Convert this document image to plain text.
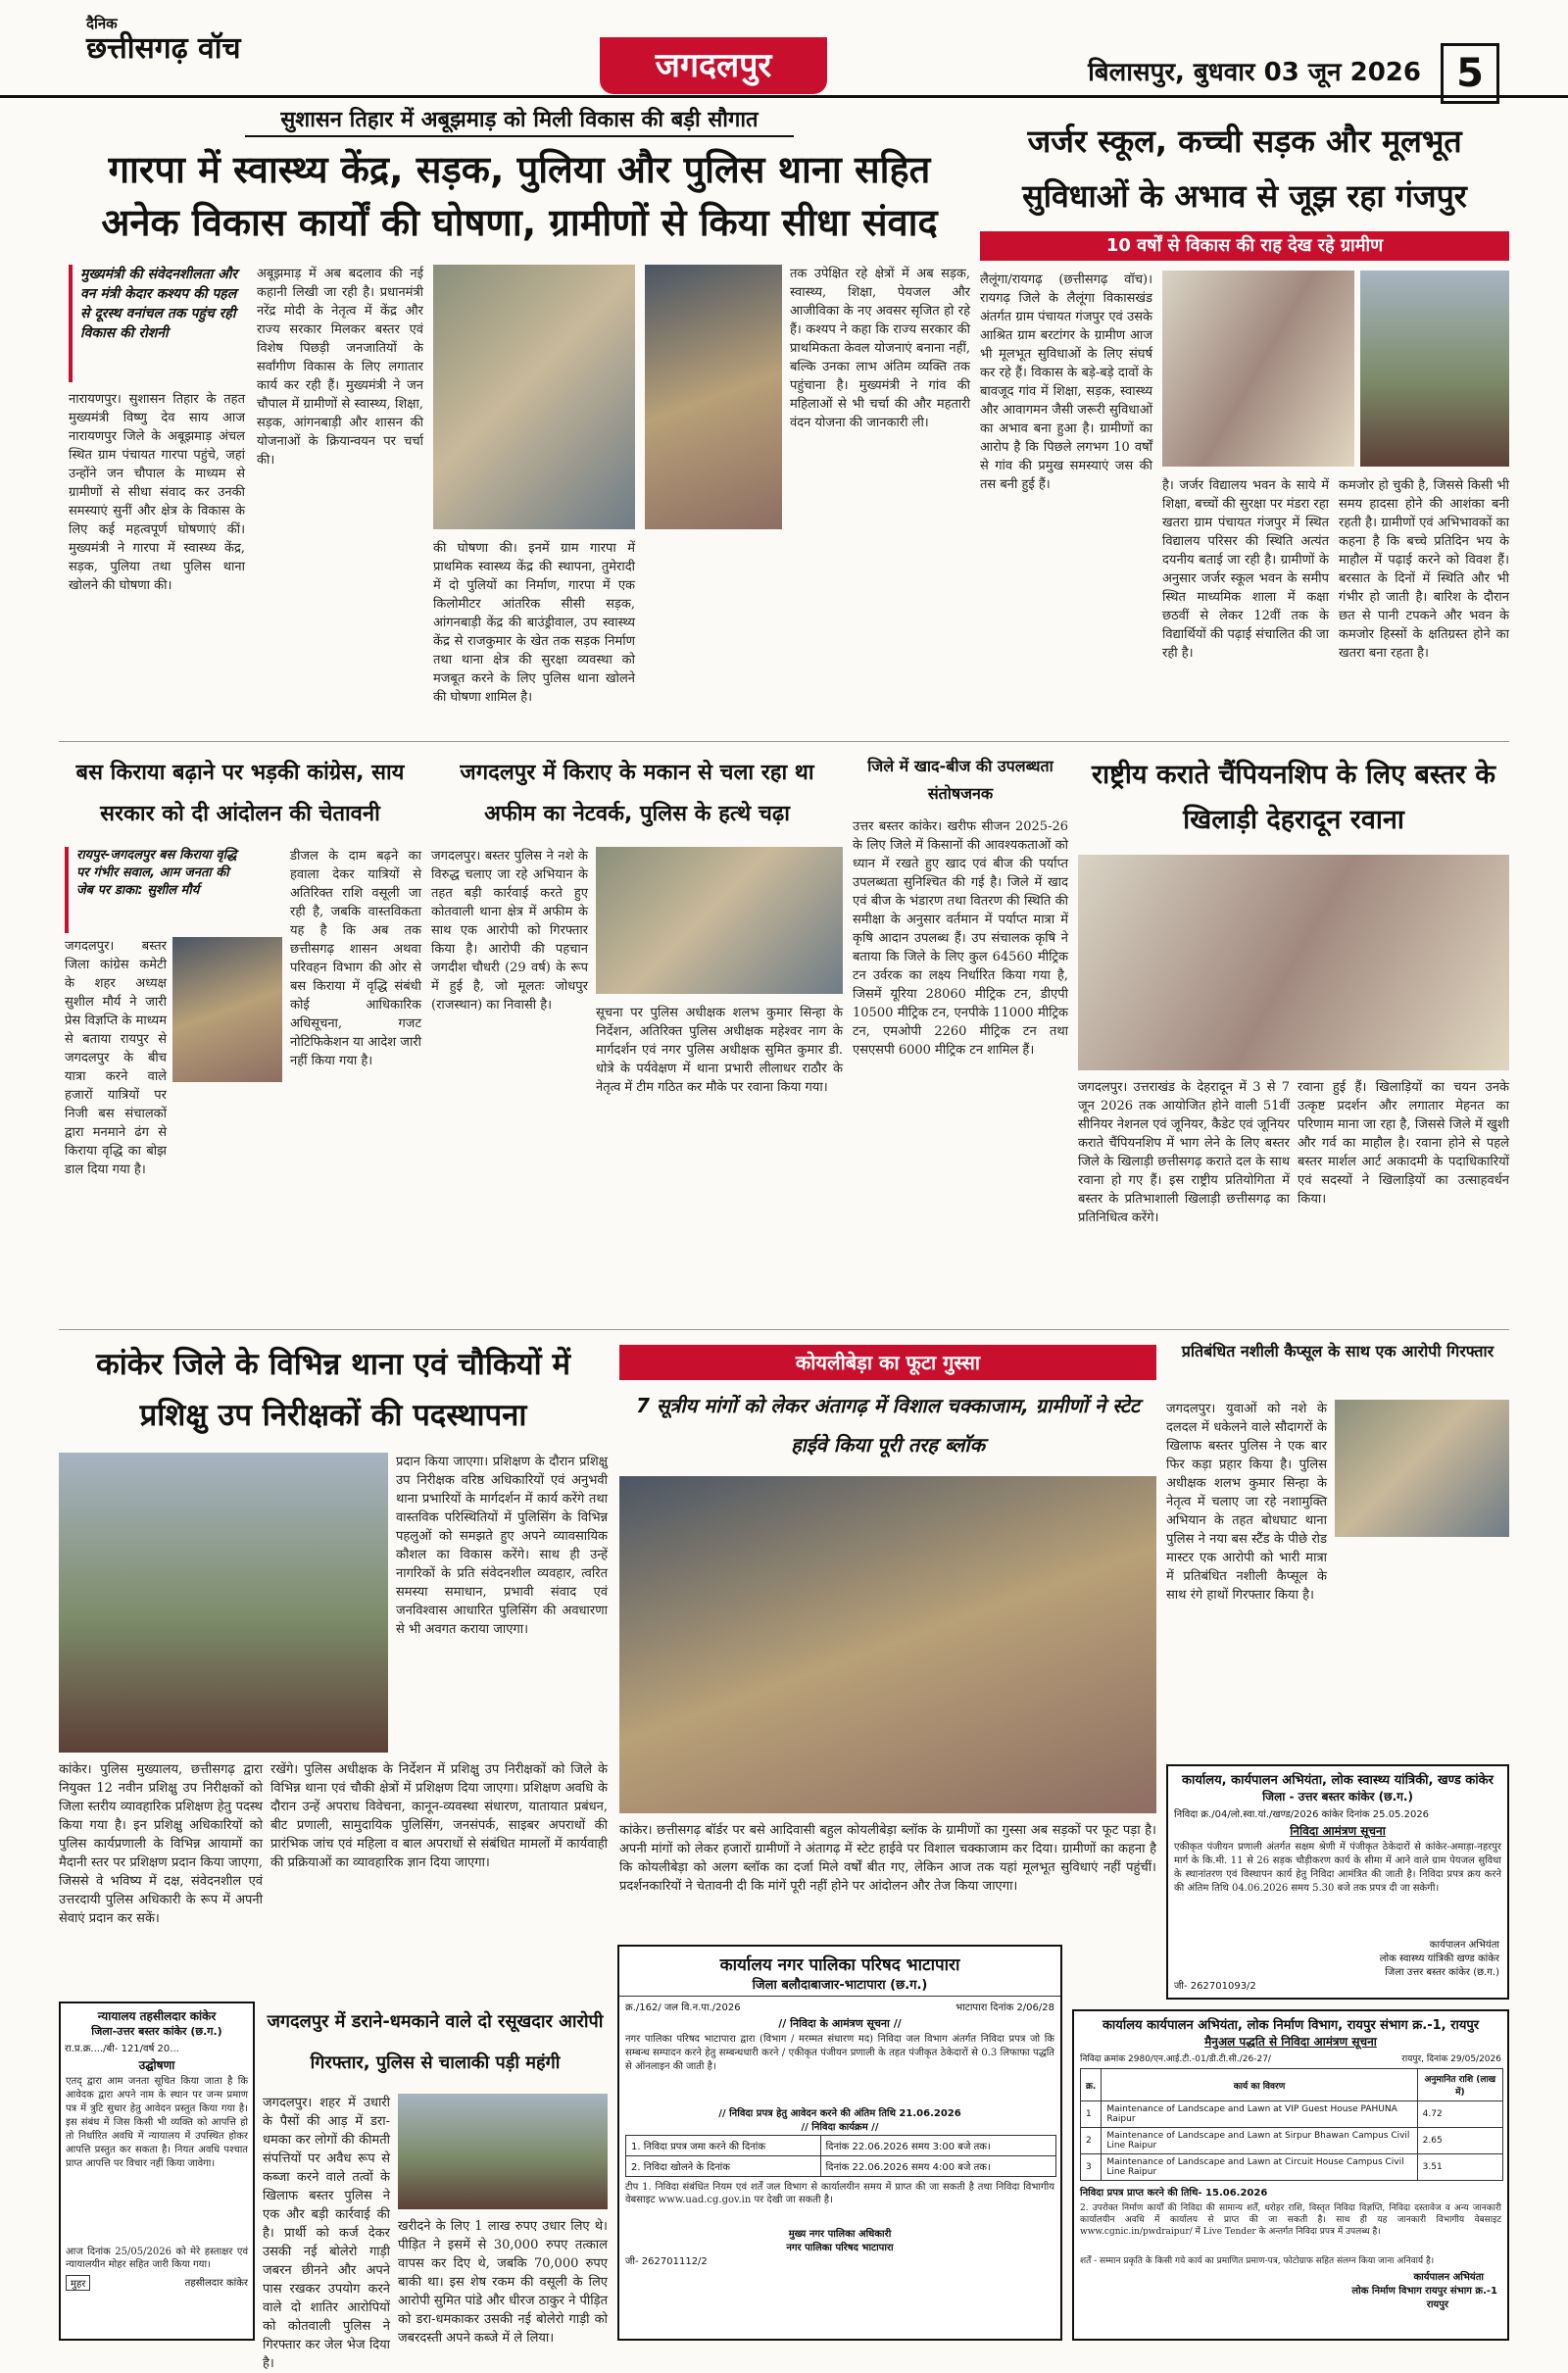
दैनिक
छत्तीसगढ़ वॉच	जगदलपुर	बिलासपुर, बुधवार 03 जून 2026 5
सुशासन तिहार में अबूझमाड़ को मिली विकास की बड़ी सौगात
गारपा में स्वास्थ्य केंद्र, सड़क, पुलिया और पुलिस थाना सहित
अनेक विकास कार्यों की घोषणा, ग्रामीणों से किया सीधा संवाद
मुख्यमंत्री की संवेदनशीलता और वन मंत्री केदार कश्यप की पहल से दूरस्थ वनांचल तक पहुंच रही विकास की रोशनी
नारायणपुर। सुशासन तिहार के तहत मुख्यमंत्री विष्णु देव साय आज नारायणपुर जिले के अबूझमाड़ अंचल स्थित ग्राम पंचायत गारपा पहुंचे, जहां उन्होंने जन चौपाल के माध्यम से ग्रामीणों से सीधा संवाद कर उनकी समस्याएं सुनीं और क्षेत्र के विकास के लिए कई महत्वपूर्ण घोषणाएं कीं। मुख्यमंत्री ने गारपा में स्वास्थ्य केंद्र, सड़क, पुलिया तथा पुलिस थाना खोलने की घोषणा की।
अबूझमाड़ में अब बदलाव की नई कहानी लिखी जा रही है। प्रधानमंत्री नरेंद्र मोदी के नेतृत्व में केंद्र और राज्य सरकार मिलकर बस्तर एवं विशेष पिछड़ी जनजातियों के सर्वांगीण विकास के लिए लगातार कार्य कर रही हैं। मुख्यमंत्री ने जन चौपाल में ग्रामीणों से स्वास्थ्य, शिक्षा, सड़क, आंगनबाड़ी और शासन की योजनाओं के क्रियान्वयन पर चर्चा की।
की घोषणा की। इनमें ग्राम गारपा में प्राथमिक स्वास्थ्य केंद्र की स्थापना, तुमेरादी में दो पुलियों का निर्माण, गारपा में एक किलोमीटर आंतरिक सीसी सड़क, आंगनबाड़ी केंद्र की बाउंड्रीवाल, उप स्वास्थ्य केंद्र से राजकुमार के खेत तक सड़क निर्माण तथा थाना क्षेत्र की सुरक्षा व्यवस्था को मजबूत करने के लिए पुलिस थाना खोलने की घोषणा शामिल है।
तक उपेक्षित रहे क्षेत्रों में अब सड़क, स्वास्थ्य, शिक्षा, पेयजल और आजीविका के नए अवसर सृजित हो रहे हैं। कश्यप ने कहा कि राज्य सरकार की प्राथमिकता केवल योजनाएं बनाना नहीं, बल्कि उनका लाभ अंतिम व्यक्ति तक पहुंचाना है। मुख्यमंत्री ने गांव की महिलाओं से भी चर्चा की और महतारी वंदन योजना की जानकारी ली।
जर्जर स्कूल, कच्ची सड़क और मूलभूत सुविधाओं के अभाव से जूझ रहा गंजपुर
10 वर्षों से विकास की राह देख रहे ग्रामीण
लैलूंगा/रायगढ़ (छत्तीसगढ़ वॉच)। रायगढ़ जिले के लैलूंगा विकासखंड अंतर्गत ग्राम पंचायत गंजपुर एवं उसके आश्रित ग्राम बरटांगर के ग्रामीण आज भी मूलभूत सुविधाओं के लिए संघर्ष कर रहे हैं। विकास के बड़े-बड़े दावों के बावजूद गांव में शिक्षा, सड़क, स्वास्थ्य और आवागमन जैसी जरूरी सुविधाओं का अभाव बना हुआ है। ग्रामीणों का आरोप है कि पिछले लगभग 10 वर्षों से गांव की प्रमुख समस्याएं जस की तस बनी हुई हैं।	है। जर्जर विद्यालय भवन के साये में शिक्षा, बच्चों की सुरक्षा पर मंडरा रहा खतरा ग्राम पंचायत गंजपुर में स्थित विद्यालय परिसर की स्थिति अत्यंत दयनीय बताई जा रही है। ग्रामीणों के अनुसार जर्जर स्कूल भवन के समीप स्थित माध्यमिक शाला में कक्षा छठवीं से लेकर 12वीं तक के विद्यार्थियों की पढ़ाई संचालित की जा रही है।
कमजोर हो चुकी है, जिससे किसी भी समय हादसा होने की आशंका बनी रहती है। ग्रामीणों एवं अभिभावकों का कहना है कि बच्चे प्रतिदिन भय के माहौल में पढ़ाई करने को विवश हैं। बरसात के दिनों में स्थिति और भी गंभीर हो जाती है। बारिश के दौरान छत से पानी टपकने और भवन के कमजोर हिस्सों के क्षतिग्रस्त होने का खतरा बना रहता है।
बस किराया बढ़ाने पर भड़की कांग्रेस, साय सरकार को दी आंदोलन की चेतावनी
रायपुर-जगदलपुर बस किराया वृद्धि पर गंभीर सवाल, आम जनता की जेब पर डाका: सुशील मौर्य
जगदलपुर। बस्तर जिला कांग्रेस कमेटी के शहर अध्यक्ष सुशील मौर्य ने जारी प्रेस विज्ञप्ति के माध्यम से बताया रायपुर से जगदलपुर के बीच यात्रा करने वाले हजारों यात्रियों पर निजी बस संचालकों द्वारा मनमाने ढंग से किराया वृद्धि का बोझ डाल दिया गया है।
डीजल के दाम बढ़ने का हवाला देकर यात्रियों से अतिरिक्त राशि वसूली जा रही है, जबकि वास्तविकता यह है कि अब तक छत्तीसगढ़ शासन अथवा परिवहन विभाग की ओर से बस किराया में वृद्धि संबंधी कोई आधिकारिक अधिसूचना, गजट नोटिफिकेशन या आदेश जारी नहीं किया गया है।
जगदलपुर में किराए के मकान से चला रहा था अफीम का नेटवर्क, पुलिस के हत्थे चढ़ा
जगदलपुर। बस्तर पुलिस ने नशे के विरुद्ध चलाए जा रहे अभियान के तहत बड़ी कार्रवाई करते हुए कोतवाली थाना क्षेत्र में अफीम के साथ एक आरोपी को गिरफ्तार किया है। आरोपी की पहचान जगदीश चौधरी (29 वर्ष) के रूप में हुई है, जो मूलतः जोधपुर (राजस्थान) का निवासी है।
सूचना पर पुलिस अधीक्षक शलभ कुमार सिन्हा के निर्देशन, अतिरिक्त पुलिस अधीक्षक महेश्वर नाग के मार्गदर्शन एवं नगर पुलिस अधीक्षक सुमित कुमार डी. धोत्रे के पर्यवेक्षण में थाना प्रभारी लीलाधर राठौर के नेतृत्व में टीम गठित कर मौके पर रवाना किया गया।
जिले में खाद-बीज की उपलब्धता संतोषजनक
उत्तर बस्तर कांकेर। खरीफ सीजन 2025-26 के लिए जिले में किसानों की आवश्यकताओं को ध्यान में रखते हुए खाद एवं बीज की पर्याप्त उपलब्धता सुनिश्चित की गई है। जिले में खाद एवं बीज के भंडारण तथा वितरण की स्थिति की समीक्षा के अनुसार वर्तमान में पर्याप्त मात्रा में कृषि आदान उपलब्ध हैं। उप संचालक कृषि ने बताया कि जिले के लिए कुल 64560 मीट्रिक टन उर्वरक का लक्ष्य निर्धारित किया गया है, जिसमें यूरिया 28060 मीट्रिक टन, डीएपी 10500 मीट्रिक टन, एनपीके 11000 मीट्रिक टन, एमओपी 2260 मीट्रिक टन तथा एसएसपी 6000 मीट्रिक टन शामिल हैं।
राष्ट्रीय कराते चैंपियनशिप के लिए बस्तर के खिलाड़ी देहरादून रवाना
जगदलपुर। उत्तराखंड के देहरादून में 3 से 7 जून 2026 तक आयोजित होने वाली 51वीं सीनियर नेशनल एवं जूनियर, कैडेट एवं जूनियर कराते चैंपियनशिप में भाग लेने के लिए बस्तर जिले के खिलाड़ी छत्तीसगढ़ कराते दल के साथ रवाना हो गए हैं। इस राष्ट्रीय प्रतियोगिता में बस्तर के प्रतिभाशाली खिलाड़ी छत्तीसगढ़ का प्रतिनिधित्व करेंगे।
रवाना हुई हैं। खिलाड़ियों का चयन उनके उत्कृष्ट प्रदर्शन और लगातार मेहनत का परिणाम माना जा रहा है, जिससे जिले में खुशी और गर्व का माहौल है। रवाना होने से पहले बस्तर मार्शल आर्ट अकादमी के पदाधिकारियों एवं सदस्यों ने खिलाड़ियों का उत्साहवर्धन किया।
कांकेर जिले के विभिन्न थाना एवं चौकियों में प्रशिक्षु उप निरीक्षकों की पदस्थापना
प्रदान किया जाएगा। प्रशिक्षण के दौरान प्रशिक्षु उप निरीक्षक वरिष्ठ अधिकारियों एवं अनुभवी थाना प्रभारियों के मार्गदर्शन में कार्य करेंगे तथा वास्तविक परिस्थितियों में पुलिसिंग के विभिन्न पहलुओं को समझते हुए अपने व्यावसायिक कौशल का विकास करेंगे। साथ ही उन्हें नागरिकों के प्रति संवेदनशील व्यवहार, त्वरित समस्या समाधान, प्रभावी संवाद एवं जनविश्वास आधारित पुलिसिंग की अवधारणा से भी अवगत कराया जाएगा।
कांकेर। पुलिस मुख्यालय, छत्तीसगढ़ द्वारा नियुक्त 12 नवीन प्रशिक्षु उप निरीक्षकों को जिला स्तरीय व्यावहारिक प्रशिक्षण हेतु पदस्थ किया गया है। इन प्रशिक्षु अधिकारियों को पुलिस कार्यप्रणाली के विभिन्न आयामों का मैदानी स्तर पर प्रशिक्षण प्रदान किया जाएगा, जिससे वे भविष्य में दक्ष, संवेदनशील एवं उत्तरदायी पुलिस अधिकारी के रूप में अपनी सेवाएं प्रदान कर सकें।
रखेंगे। पुलिस अधीक्षक के निर्देशन में प्रशिक्षु उप निरीक्षकों को जिले के विभिन्न थाना एवं चौकी क्षेत्रों में प्रशिक्षण दिया जाएगा। प्रशिक्षण अवधि के दौरान उन्हें अपराध विवेचना, कानून-व्यवस्था संधारण, यातायात प्रबंधन, बीट प्रणाली, सामुदायिक पुलिसिंग, जनसंपर्क, साइबर अपराधों की प्रारंभिक जांच एवं महिला व बाल अपराधों से संबंधित मामलों में कार्यवाही की प्रक्रियाओं का व्यावहारिक ज्ञान दिया जाएगा।
कोयलीबेड़ा का फूटा गुस्सा
7 सूत्रीय मांगों को लेकर अंतागढ़ में विशाल चक्काजाम, ग्रामीणों ने स्टेट हाईवे किया पूरी तरह ब्लॉक
कांकेर। छत्तीसगढ़ बॉर्डर पर बसे आदिवासी बहुल कोयलीबेड़ा ब्लॉक के ग्रामीणों का गुस्सा अब सड़कों पर फूट पड़ा है। अपनी मांगों को लेकर हजारों ग्रामीणों ने अंतागढ़ में स्टेट हाईवे पर विशाल चक्काजाम कर दिया। ग्रामीणों का कहना है कि कोयलीबेड़ा को अलग ब्लॉक का दर्जा मिले वर्षों बीत गए, लेकिन आज तक यहां मूलभूत सुविधाएं नहीं पहुंचीं। प्रदर्शनकारियों ने चेतावनी दी कि मांगें पूरी नहीं होने पर आंदोलन और तेज किया जाएगा।
प्रतिबंधित नशीली कैप्सूल के साथ एक आरोपी गिरफ्तार
जगदलपुर। युवाओं को नशे के दलदल में धकेलने वाले सौदागरों के खिलाफ बस्तर पुलिस ने एक बार फिर कड़ा प्रहार किया है। पुलिस अधीक्षक शलभ कुमार सिन्हा के नेतृत्व में चलाए जा रहे नशामुक्ति अभियान के तहत बोधघाट थाना पुलिस ने नया बस स्टैंड के पीछे रोड मास्टर एक आरोपी को भारी मात्रा में प्रतिबंधित नशीली कैप्सूल के साथ रंगे हाथों गिरफ्तार किया है।
कार्यालय, कार्यपालन अभियंता, लोक स्वास्थ्य यांत्रिकी, खण्ड कांकेर
जिला - उत्तर बस्तर कांकेर (छ.ग.)
निविदा क्र./04/लो.स्वा.यां./खण्ड/2026 कांकेर दिनांक 25.05.2026
निविदा आमंत्रण सूचना
एकीकृत पंजीयन प्रणाली अंतर्गत सक्षम श्रेणी में पंजीकृत ठेकेदारों से कांकेर-अमाड़ा-नहरपुर मार्ग के कि.मी. 11 से 26 सड़क चौड़ीकरण कार्य के सीमा में आने वाले ग्राम पेयजल सुविधा के स्थानांतरण एवं विस्थापन कार्य हेतु निविदा आमंत्रित की जाती है। निविदा प्रपत्र क्रय करने की अंतिम तिथि 04.06.2026 समय 5.30 बजे तक प्रपत्र दी जा सकेगी।
कार्यपालन अभियंता
लोक स्वास्थ्य यांत्रिकी खण्ड कांकेर
जिला उत्तर बस्तर कांकेर (छ.ग.)
जी- 262701093/2
न्यायालय तहसीलदार कांकेर
जिला-उत्तर बस्तर कांकेर (छ.ग.)
रा.प्र.क्र..../बी- 121/वर्ष 20...
उद्घोषणा
एतद् द्वारा आम जनता सूचित किया जाता है कि आवेदक द्वारा अपने नाम के स्थान पर जन्म प्रमाण पत्र में त्रुटि सुधार हेतु आवेदन प्रस्तुत किया गया है। इस संबंध में जिस किसी भी व्यक्ति को आपत्ति हो तो निर्धारित अवधि में न्यायालय में उपस्थित होकर आपत्ति प्रस्तुत कर सकता है। नियत अवधि पश्चात प्राप्त आपत्ति पर विचार नहीं किया जावेगा।
आज दिनांक 25/05/2026 को मेरे हस्ताक्षर एवं न्यायालयीन मोहर सहित जारी किया गया।
मुहर	तहसीलदार कांकेर
जगदलपुर में डराने-धमकाने वाले दो रसूखदार आरोपी गिरफ्तार, पुलिस से चालाकी पड़ी महंगी
जगदलपुर। शहर में उधारी के पैसों की आड़ में डरा-धमका कर लोगों की कीमती संपत्तियों पर अवैध रूप से कब्जा करने वाले तत्वों के खिलाफ बस्तर पुलिस ने एक और बड़ी कार्रवाई की है। प्रार्थी को कर्ज देकर उसकी नई बोलेरो गाड़ी जबरन छीनने और अपने पास रखकर उपयोग करने वाले दो शातिर आरोपियों को कोतवाली पुलिस ने गिरफ्तार कर जेल भेज दिया है।
खरीदने के लिए 1 लाख रुपए उधार लिए थे। पीड़ित ने इसमें से 30,000 रुपए तत्काल वापस कर दिए थे, जबकि 70,000 रुपए बाकी था। इस शेष रकम की वसूली के लिए आरोपी सुमित पांडे और धीरज ठाकुर ने पीड़ित को डरा-धमकाकर उसकी नई बोलेरो गाड़ी को जबरदस्ती अपने कब्जे में ले लिया।
कार्यालय नगर पालिका परिषद भाटापारा
जिला बलौदाबाजार-भाटापारा (छ.ग.)
क्र./162/ जल वि.न.पा./2026	भाटापारा दिनांक 2/06/28
// निविदा के आमंत्रण सूचना //
नगर पालिका परिषद भाटापारा द्वारा (विभाग / मरम्मत संधारण मद) निविदा जल विभाग अंतर्गत निविदा प्रपत्र जो कि सम्बन्ध सम्पादन करने हेतु सम्बन्धधारी करने / एकीकृत पंजीयन प्रणाली के तहत पंजीकृत ठेकेदारों से 0.3 लिफाफा पद्धति से ऑनलाइन की जाती है।
// निविदा प्रपत्र हेतु आवेदन करने की अंतिम तिथि 21.06.2026
// निविदा कार्यक्रम //
1. निविदा प्रपत्र जमा करने की दिनांक	दिनांक 22.06.2026 समय 3:00 बजे तक।
2. निविदा खोलने के दिनांक	दिनांक 22.06.2026 समय 4:00 बजे तक।
टीप 1. निविदा संबंधित नियम एवं शर्तें जल विभाग से कार्यालयीन समय में प्राप्त की जा सकती है तथा निविदा विभागीय वेबसाइट www.uad.cg.gov.in पर देखी जा सकती है।
मुख्य नगर पालिका अधिकारी
नगर पालिका परिषद भाटापारा
जी- 262701112/2
कार्यालय कार्यपालन अभियंता, लोक निर्माण विभाग, रायपुर संभाग क्र.-1, रायपुर
मैनुअल पद्धति से निविदा आमंत्रण सूचना
निविदा क्रमांक 2980/एन.आई.टी.-01/डी.टी.सी./26-27/	रायपुर, दिनांक 29/05/2026
क्र.	कार्य का विवरण	अनुमानित राशि (लाख में)
1	Maintenance of Landscape and Lawn at VIP Guest House PAHUNA Raipur	4.72
2	Maintenance of Landscape and Lawn at Sirpur Bhawan Campus Civil Line Raipur	2.65
3	Maintenance of Landscape and Lawn at Circuit House Campus Civil Line Raipur	3.51
निविदा प्रपत्र प्राप्त करने की तिथि- 15.06.2026
2. उपरोक्त निर्माण कार्यों की निविदा की सामान्य शर्तें, धरोहर राशि, विस्तृत निविदा विज्ञप्ति, निविदा दस्तावेज व अन्य जानकारी कार्यालयीन अवधि में कार्यालय से प्राप्त की जा सकती है। साथ ही यह जानकारी विभागीय वेबसाइट www.cgnic.in/pwdraipur/ में Live Tender के अन्तर्गत निविदा प्रपत्र में उपलब्ध है।
शर्तें - सम्मान प्रकृति के किसी गये कार्य का प्रमाणित प्रमाण-पत्र, फोटोग्राफ सहित संलग्न किया जाना अनिवार्य है।
कार्यपालन अभियंता
लोक निर्माण विभाग रायपुर संभाग क्र.-1
रायपुर
